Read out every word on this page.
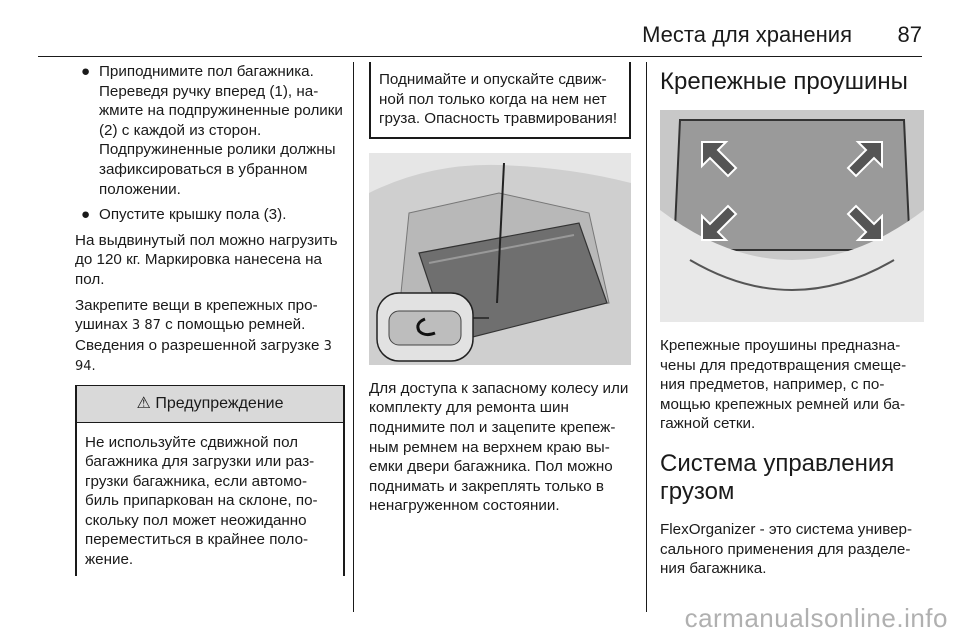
Места для хранения 87
● Приподнимите пол багажника. Переведя ручку вперед (1), нажмите на подпружиненные ролики (2) с каждой из сторон. Подпружиненные ролики должны зафиксироваться в убранном положении.
● Опустите крышку пола (3).

На выдвинутый пол можно нагрузить до 120 кг. Маркировка нанесена на пол.

Закрепите вещи в крепежных проушинах 3 87 с помощью ремней. Сведения о разрешенной загрузке 3 94.

⚠ Предупреждение
Не используйте сдвижной пол багажника для загрузки или разгрузки багажника, если автомобиль припаркован на склоне, поскольку пол может неожиданно переместиться в крайнее положение.
Поднимайте и опускайте сдвижной пол только когда на нем нет груза. Опасность травмирования!

Для доступа к запасному колесу или комплекту для ремонта шин поднимите пол и зацепите крепежным ремнем на верхнем краю выемки двери багажника. Пол можно поднимать и закреплять только в ненагруженном состоянии.

Крепежные проушины

Крепежные проушины предназначены для предотвращения смещения предметов, например, с помощью крепежных ремней или багажной сетки.

Система управления грузом

FlexOrganizer - это система универсального применения для разделения багажника.

carmanualsonline.info
